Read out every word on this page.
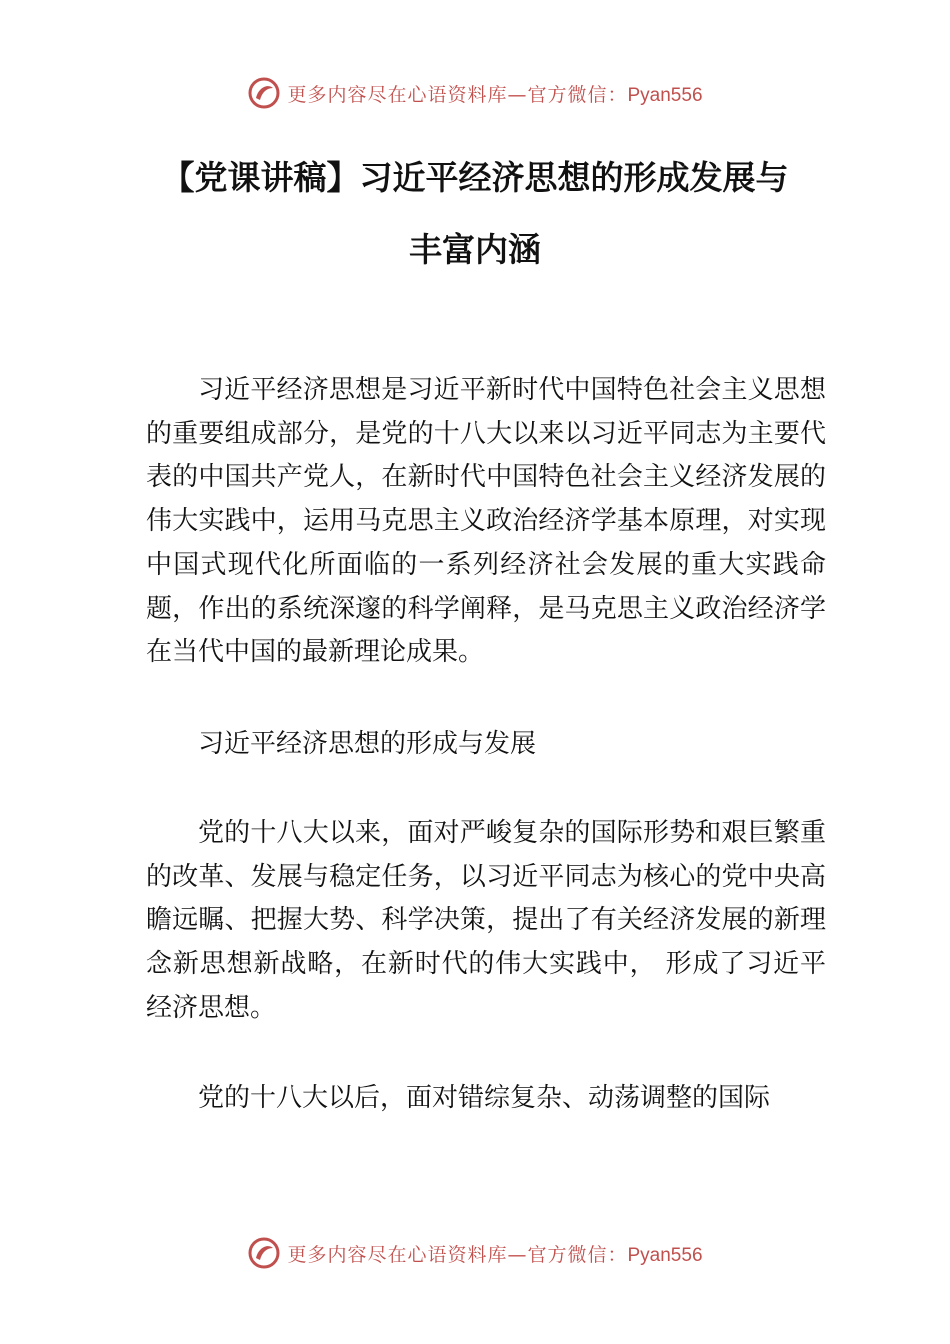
更多内容尽在心语资料库—官方微信：Pyan556
【党课讲稿】习近平经济思想的形成发展与
丰富内涵

习近平经济思想是习近平新时代中国特色社会主义思想的重要组成部分，是党的十八大以来以习近平同志为主要代表的中国共产党人，在新时代中国特色社会主义经济发展的伟大实践中，运用马克思主义政治经济学基本原理，对实现中国式现代化所面临的一系列经济社会发展的重大实践命题，作出的系统深邃的科学阐释，是马克思主义政治经济学在当代中国的最新理论成果。

习近平经济思想的形成与发展

党的十八大以来，面对严峻复杂的国际形势和艰巨繁重的改革、发展与稳定任务，以习近平同志为核心的党中央高瞻远瞩、把握大势、科学决策，提出了有关经济发展的新理念新思想新战略，在新时代的伟大实践中， 形成了习近平经济思想。

党的十八大以后，面对错综复杂、动荡调整的国际

更多内容尽在心语资料库—官方微信：Pyan556
